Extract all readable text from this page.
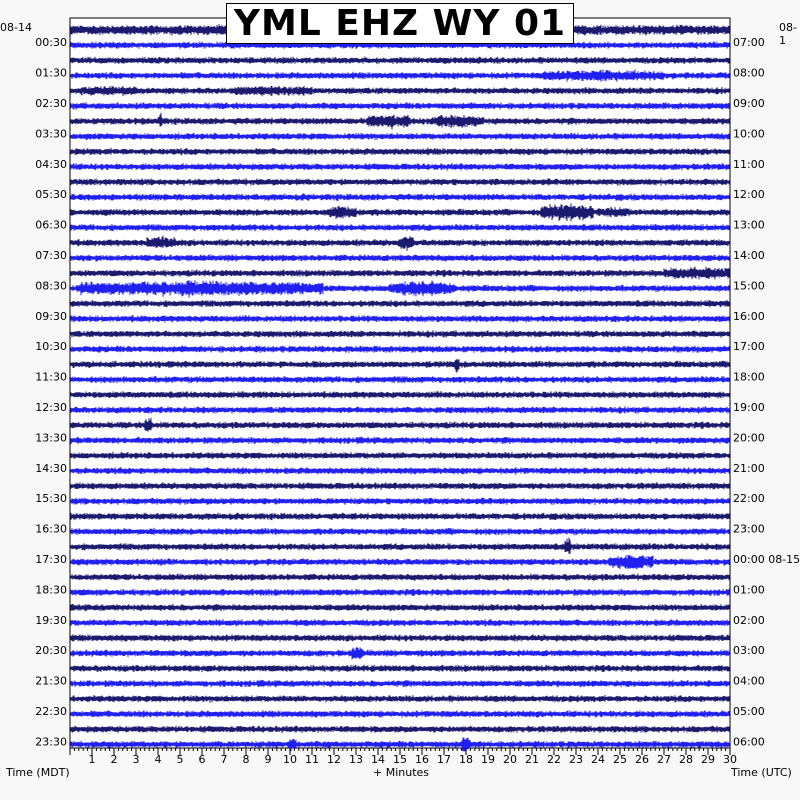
1 2 3 4 5 6 7 8 9 10 11 12 13 14 15 16 17 18 19 20 21 22 23 24 25 26 27 28 29 30
00:30
01:30
02:30
03:30
04:30
05:30
06:30
07:30
08:30
09:30
10:30
11:30
12:30
13:30
14:30
15:30
16:30
17:30
18:30
19:30
20:30
21:30
22:30
23:30
07:00
08:00
09:00
10:00
11:00
12:00
13:00
14:00
15:00
16:00
17:00
18:00
19:00
20:00
21:00
22:00
23:00
00:00 08-15
01:00
02:00
03:00
04:00
05:00
06:00
YML EHZ WY 01
08-14	08-1
Time (MDT)	+ Minutes	Time (UTC)
